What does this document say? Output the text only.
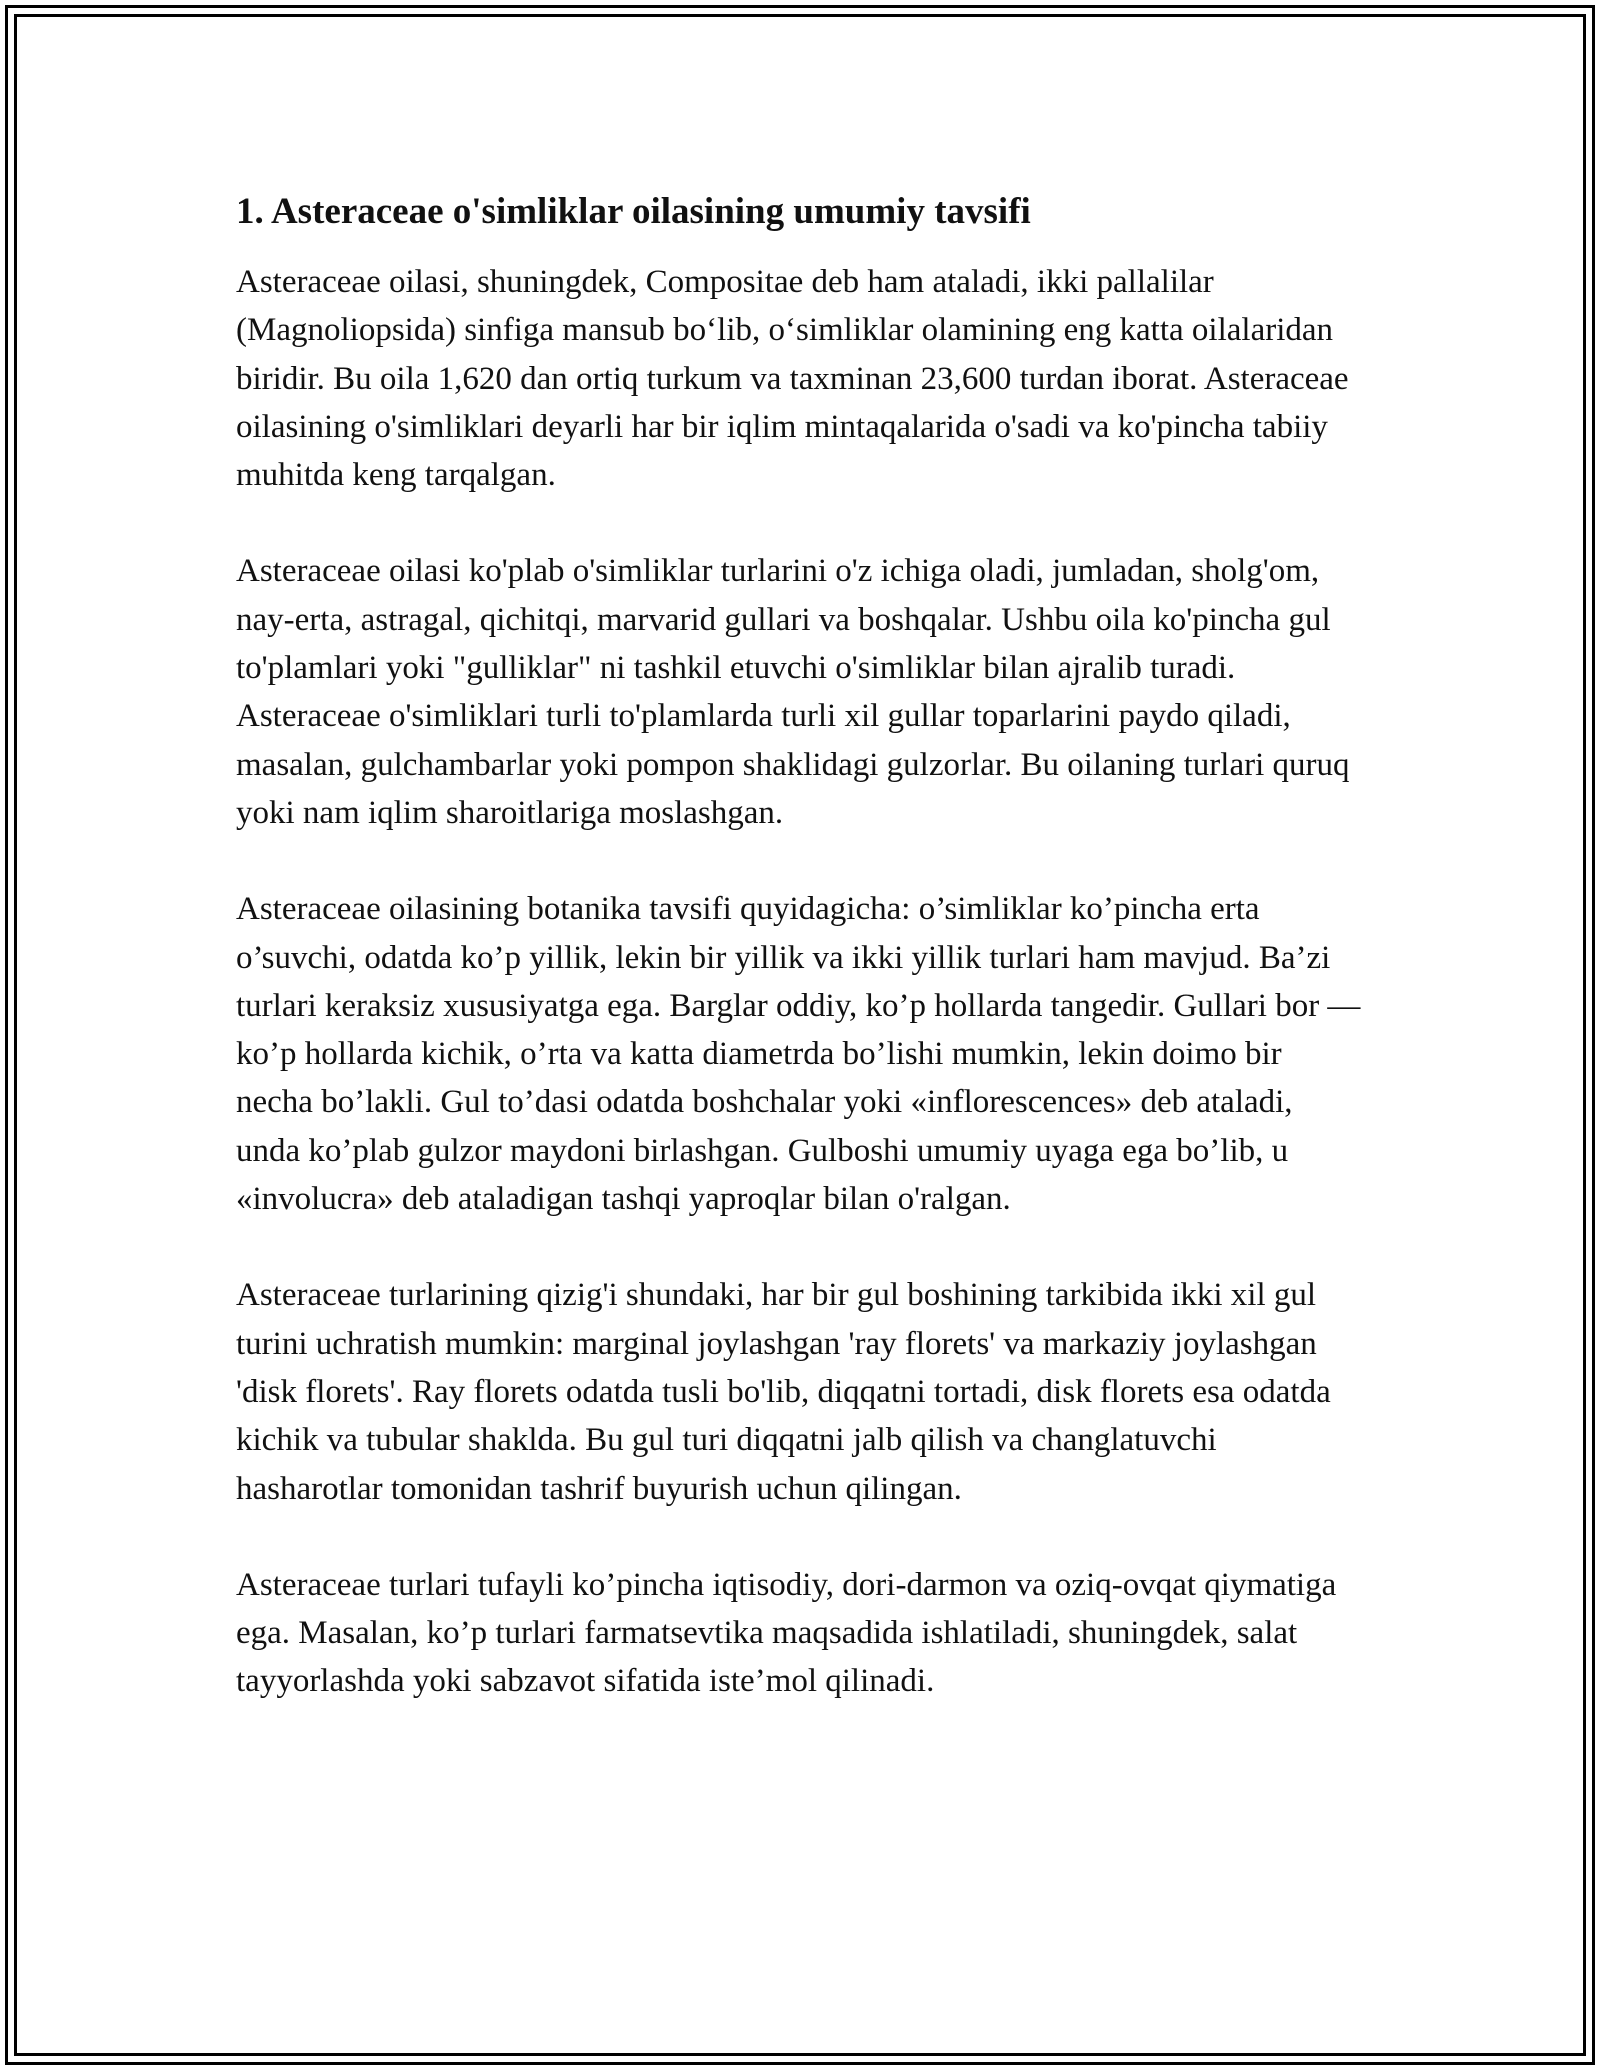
1. Asteraceae o'simliklar oilasining umumiy tavsifi

Asteraceae oilasi, shuningdek, Compositae deb ham ataladi, ikki pallalilar (Magnoliopsida) sinfiga mansub bo‘lib, o‘simliklar olamining eng katta oilalaridan biridir. Bu oila 1,620 dan ortiq turkum va taxminan 23,600 turdan iborat. Asteraceae oilasining o'simliklari deyarli har bir iqlim mintaqalarida o'sadi va ko'pincha tabiiy muhitda keng tarqalgan.

Asteraceae oilasi ko'plab o'simliklar turlarini o'z ichiga oladi, jumladan, sholg'om, nay-erta, astragal, qichitqi, marvarid gullari va boshqalar. Ushbu oila ko'pincha gul to'plamlari yoki "gulliklar" ni tashkil etuvchi o'simliklar bilan ajralib turadi. Asteraceae o'simliklari turli to'plamlarda turli xil gullar toparlarini paydo qiladi, masalan, gulchambarlar yoki pompon shaklidagi gulzorlar. Bu oilaning turlari quruq yoki nam iqlim sharoitlariga moslashgan.

Asteraceae oilasining botanika tavsifi quyidagicha: o’simliklar ko’pincha erta o’suvchi, odatda ko’p yillik, lekin bir yillik va ikki yillik turlari ham mavjud. Ba’zi turlari keraksiz xususiyatga ega. Barglar oddiy, ko’p hollarda tangedir. Gullari bor — ko’p hollarda kichik, o’rta va katta diametrda bo’lishi mumkin, lekin doimo bir necha bo’lakli. Gul to’dasi odatda boshchalar yoki «inflorescences» deb ataladi, unda ko’plab gulzor maydoni birlashgan. Gulboshi umumiy uyaga ega bo’lib, u «involucra» deb ataladigan tashqi yaproqlar bilan o'ralgan.

Asteraceae turlarining qizig'i shundaki, har bir gul boshining tarkibida ikki xil gul turini uchratish mumkin: marginal joylashgan 'ray florets' va markaziy joylashgan 'disk florets'. Ray florets odatda tusli bo'lib, diqqatni tortadi, disk florets esa odatda kichik va tubular shaklda. Bu gul turi diqqatni jalb qilish va changlatuvchi hasharotlar tomonidan tashrif buyurish uchun qilingan.

Asteraceae turlari tufayli ko’pincha iqtisodiy, dori-darmon va oziq-ovqat qiymatiga ega. Masalan, ko’p turlari farmatsevtika maqsadida ishlatiladi, shuningdek, salat tayyorlashda yoki sabzavot sifatida iste’mol qilinadi.
